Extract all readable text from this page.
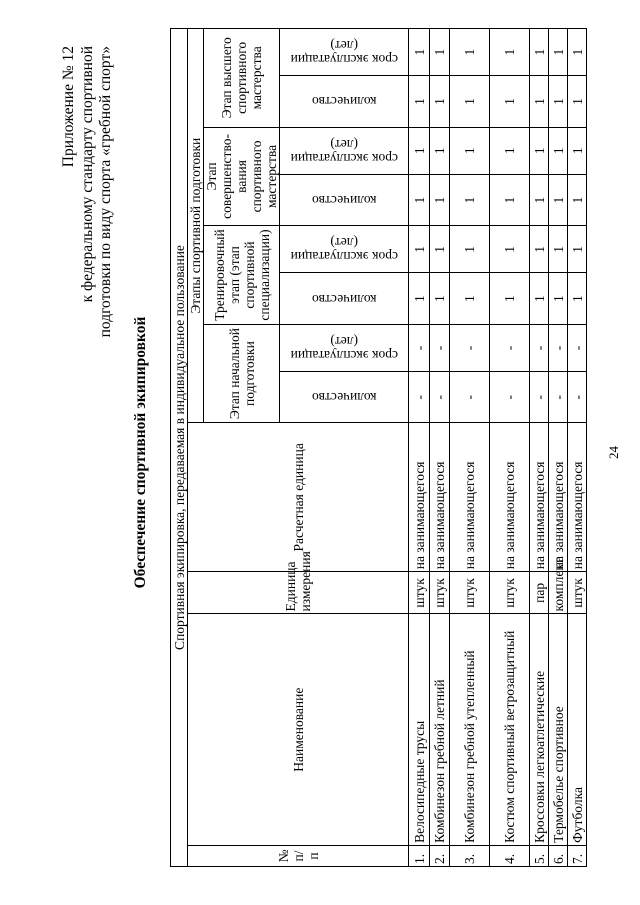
24
Приложение № 12 к федеральному стандарту спортивной подготовки по виду спорта «гребной спорт»
Обеспечение спортивной экипировкой Спортивная экипировка, передаваемая в индивидуальное пользование											
№ п/п	Наименование	Единица измерения	Расчетная единица	Этапы спортивной подготовки							
				Этап начальной подготовки		Тренировочный этап (этап спортивной специализации)		Этап совершенство-вания спортивного мастерства		Этап высшего спортивного мастерства	

				количество	срок эксплуатации (лет)	количество	срок эксплуатации (лет)	количество	срок эксплуатации (лет)	количество	срок эксплуатации (лет)

1.	Велосипедные трусы	штук	на занимающегося	-	-	1	1	1	1	1	1
2.	Комбинезон гребной летний	штук	на занимающегося	-	-	1	1	1	1	1	1
3.	Комбинезон гребной утепленный	штук	на занимающегося	-	-	1	1	1	1	1	1
4.	Костюм спортивный ветрозащитный	штук	на занимающегося	-	-	1	1	1	1	1	1
5.	Кроссовки легкоатлетические	пар	на занимающегося	-	-	1	1	1	1	1	1
6.	Термобелье спортивное	комплект	на занимающегося	-	-	1	1	1	1	1	1
7.	Футболка	штук	на занимающегося	-	-	1	1	1	1	1	1
